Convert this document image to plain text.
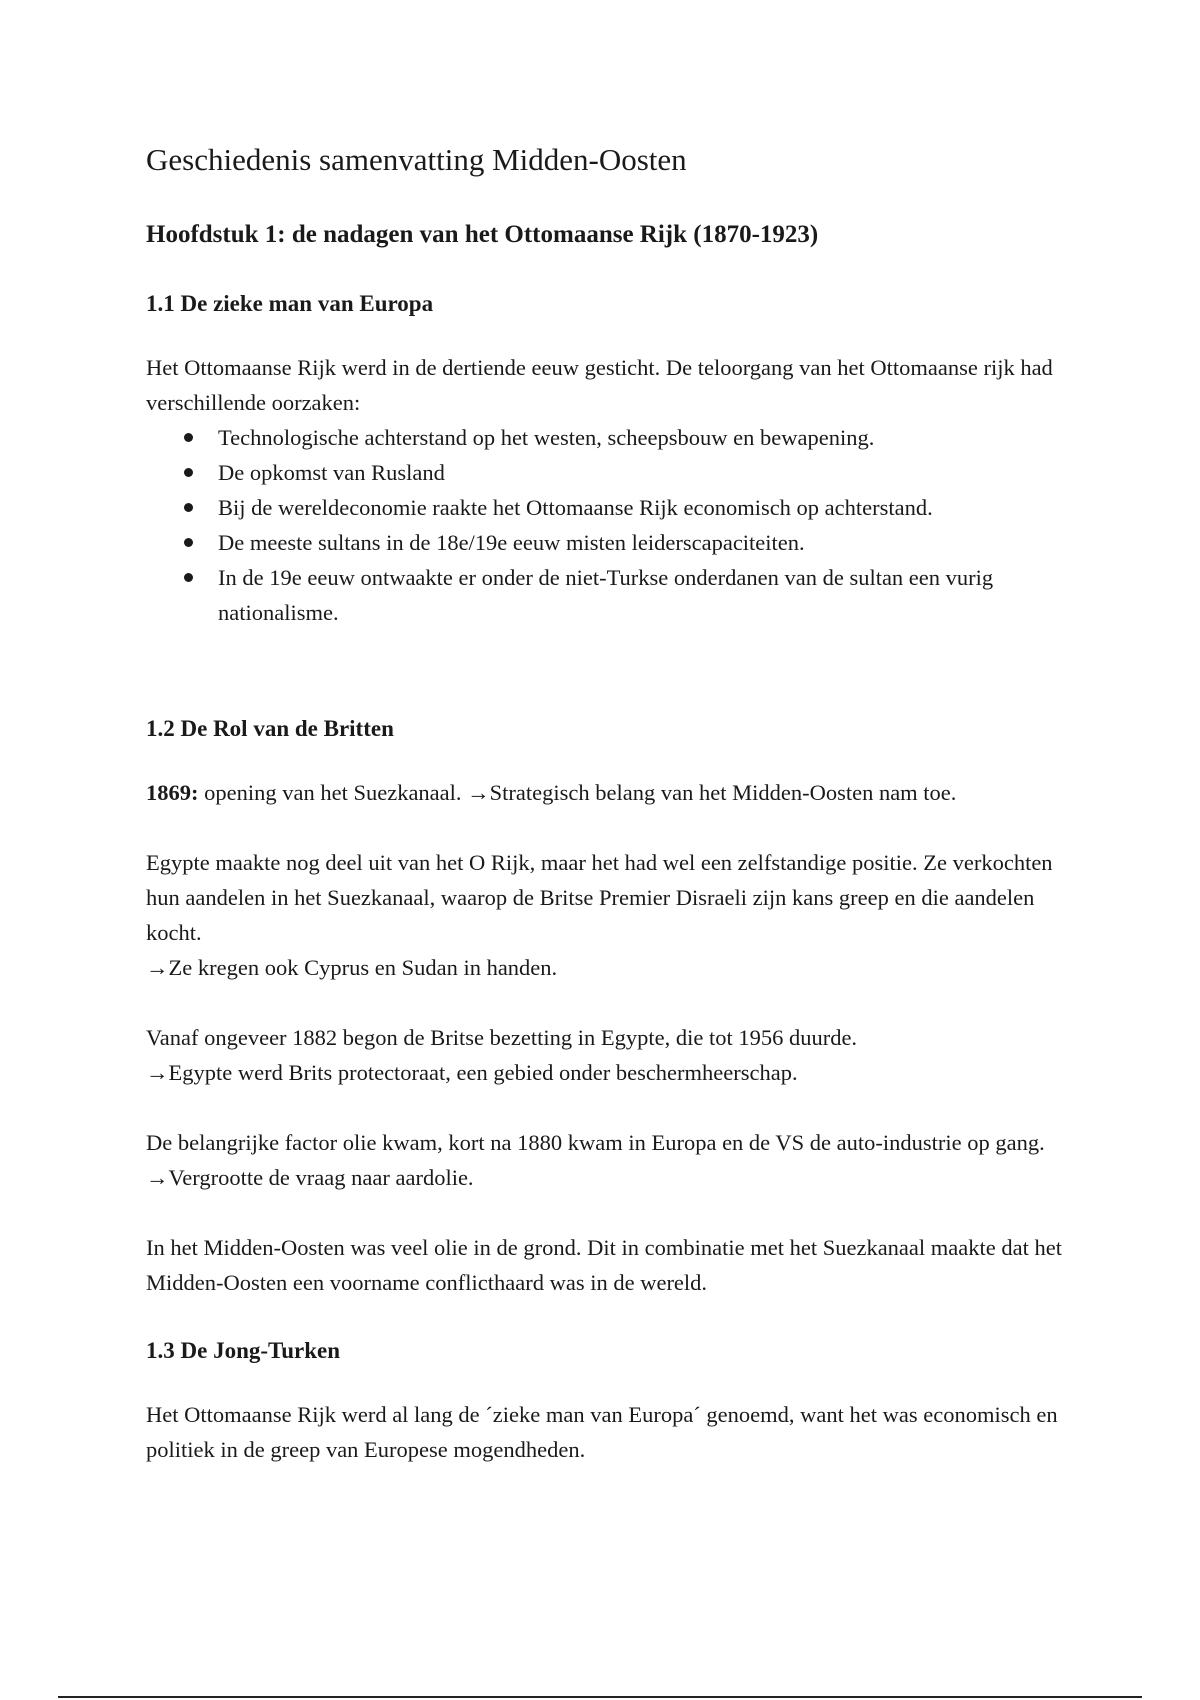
Geschiedenis samenvatting Midden-Oosten
Hoofdstuk 1: de nadagen van het Ottomaanse Rijk (1870-1923)
1.1 De zieke man van Europa

Het Ottomaanse Rijk werd in de dertiende eeuw gesticht. De teloorgang van het Ottomaanse rijk had verschillende oorzaken:

Technologische achterstand op het westen, scheepsbouw en bewapening.
De opkomst van Rusland
Bij de wereldeconomie raakte het Ottomaanse Rijk economisch op achterstand.
De meeste sultans in de 18e/19e eeuw misten leiderscapaciteiten.
In de 19e eeuw ontwaakte er onder de niet-Turkse onderdanen van de sultan een vurig nationalisme.
1.2 De Rol van de Britten

1869: opening van het Suezkanaal. →Strategisch belang van het Midden-Oosten nam toe.

Egypte maakte nog deel uit van het O Rijk, maar het had wel een zelfstandige positie. Ze verkochten hun aandelen in het Suezkanaal, waarop de Britse Premier Disraeli zijn kans greep en die aandelen kocht.
→Ze kregen ook Cyprus en Sudan in handen.

Vanaf ongeveer 1882 begon de Britse bezetting in Egypte, die tot 1956 duurde.
→Egypte werd Brits protectoraat, een gebied onder beschermheerschap.

De belangrijke factor olie kwam, kort na 1880 kwam in Europa en de VS de auto-industrie op gang. →Vergrootte de vraag naar aardolie.

In het Midden-Oosten was veel olie in de grond. Dit in combinatie met het Suezkanaal maakte dat het Midden-Oosten een voorname conflicthaard was in de wereld.

1.3 De Jong-Turken

Het Ottomaanse Rijk werd al lang de ´zieke man van Europa´ genoemd, want het was economisch en politiek in de greep van Europese mogendheden.
